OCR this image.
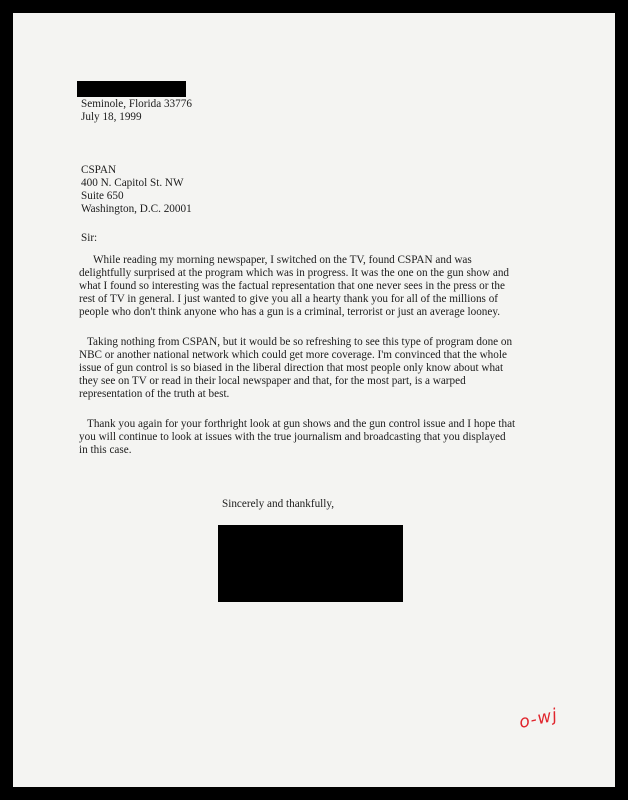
Seminole, Florida 33776
July 18, 1999
CSPAN
400 N. Capitol St. NW
Suite 650
Washington, D.C. 20001
Sir:
While reading my morning newspaper, I switched on the TV, found CSPAN and was
delightfully surprised at the program which was in progress. It was the one on the gun show and
what I found so interesting was the factual representation that one never sees in the press or the
rest of TV in general. I just wanted to give you all a hearty thank you for all of the millions of
people who don't think anyone who has a gun is a criminal, terrorist or just an average looney.
Taking nothing from CSPAN, but it would be so refreshing to see this type of program done on
NBC or another national network which could get more coverage. I'm convinced that the whole
issue of gun control is so biased in the liberal direction that most people only know about what
they see on TV or read in their local newspaper and that, for the most part, is a warped
representation of the truth at best.
Thank you again for your forthright look at gun shows and the gun control issue and I hope that
you will continue to look at issues with the true journalism and broadcasting that you displayed
in this case.
Sincerely and thankfully,
o-wj
